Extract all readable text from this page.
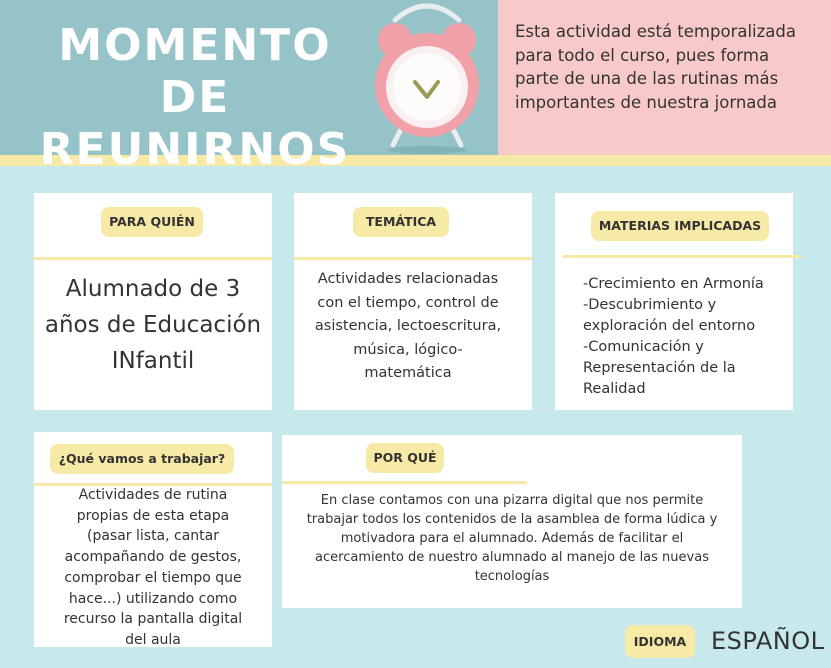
MOMENTO DE
REUNIRNOS
Esta actividad está temporalizada para todo el curso, pues forma parte de una de las rutinas más importantes de nuestra jornada
PARA QUIÉN
Alumnado de 3 años de Educación INfantil
TEMÁTICA
Actividades relacionadas con el tiempo, control de asistencia, lectoescritura, música, lógico-matemática
MATERIAS IMPLICADAS
-Crecimiento en Armonía
-Descubrimiento y exploración del entorno
-Comunicación y Representación de la Realidad
¿Qué vamos a trabajar?
Actividades de rutina propias de esta etapa (pasar lista, cantar acompañando de gestos, comprobar el tiempo que hace...) utilizando como recurso la pantalla digital del aula
POR QUÉ
En clase contamos con una pizarra digital que nos permite trabajar todos los contenidos de la asamblea de forma lúdica y motivadora para el alumnado. Además de facilitar el acercamiento de nuestro alumnado al manejo de las nuevas tecnologías
IDIOMA	ESPAÑOL
